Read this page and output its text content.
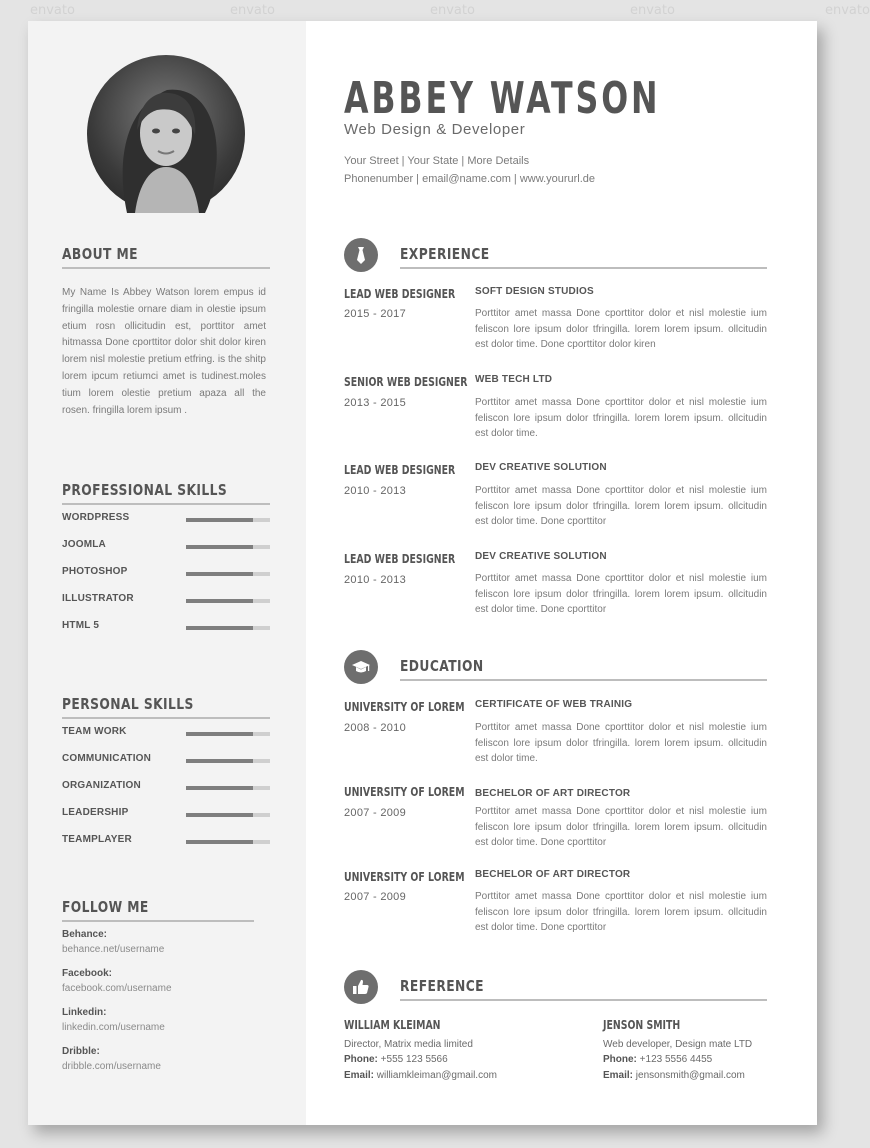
envato	envato	envato	envato	envato
ABOUT ME

My Name Is Abbey Watson lorem empus id fringilla molestie ornare diam in olestie ipsum etium rosn ollicitudin est, porttitor amet hitmassa Done cporttitor dolor shit dolor kiren lorem nisl molestie pretium etfring. is the shitp lorem ipcum retiumci amet is tudinest.moles tium lorem olestie pretium apaza all the rosen. fringilla lorem ipsum .

PROFESSIONAL SKILLS
WORDPRESS
JOOMLA
PHOTOSHOP
ILLUSTRATOR
HTML 5
PERSONAL SKILLS
TEAM WORK
COMMUNICATION
ORGANIZATION
LEADERSHIP
TEAMPLAYER
FOLLOW ME
Behance:
behance.net/username
Facebook:
facebook.com/username
Linkedin:
linkedin.com/username
Dribble:
dribble.com/username
ABBEY WATSON
Web Design & Developer
Your Street | Your State | More Details
Phonenumber | email@name.com | www.yoururl.de
EXPERIENCE
LEAD WEB DESIGNER
2015 - 2017
SOFT DESIGN STUDIOS

Porttitor amet massa Done cporttitor dolor et nisl molestie ium feliscon lore ipsum dolor tfringilla. lorem lorem ipsum. ollcitudin est dolor time. Done cporttitor dolor kiren

SENIOR WEB DESIGNER
2013 - 2015
WEB TECH LTD

Porttitor amet massa Done cporttitor dolor et nisl molestie ium feliscon lore ipsum dolor tfringilla. lorem lorem ipsum. ollcitudin est dolor time.

LEAD WEB DESIGNER
2010 - 2013
DEV CREATIVE SOLUTION

Porttitor amet massa Done cporttitor dolor et nisl molestie ium feliscon lore ipsum dolor tfringilla. lorem lorem ipsum. ollcitudin est dolor time. Done cporttitor

LEAD WEB DESIGNER
2010 - 2013
DEV CREATIVE SOLUTION

Porttitor amet massa Done cporttitor dolor et nisl molestie ium feliscon lore ipsum dolor tfringilla. lorem lorem ipsum. ollcitudin est dolor time. Done cporttitor

EDUCATION
UNIVERSITY OF LOREM
2008 - 2010
CERTIFICATE OF WEB TRAINIG

Porttitor amet massa Done cporttitor dolor et nisl molestie ium feliscon lore ipsum dolor tfringilla. lorem lorem ipsum. ollcitudin est dolor time.

UNIVERSITY OF LOREM
2007 - 2009
BECHELOR OF ART DIRECTOR

Porttitor amet massa Done cporttitor dolor et nisl molestie ium feliscon lore ipsum dolor tfringilla. lorem lorem ipsum. ollcitudin est dolor time. Done cporttitor

UNIVERSITY OF LOREM
2007 - 2009
BECHELOR OF ART DIRECTOR

Porttitor amet massa Done cporttitor dolor et nisl molestie ium feliscon lore ipsum dolor tfringilla. lorem lorem ipsum. ollcitudin est dolor time. Done cporttitor

REFERENCE
WILLIAM KLEIMAN
Director, Matrix media limited
Phone: +555 123 5566
Email: williamkleiman@gmail.com
JENSON SMITH
Web developer, Design mate LTD
Phone: +123 5556 4455
Email: jensonsmith@gmail.com
